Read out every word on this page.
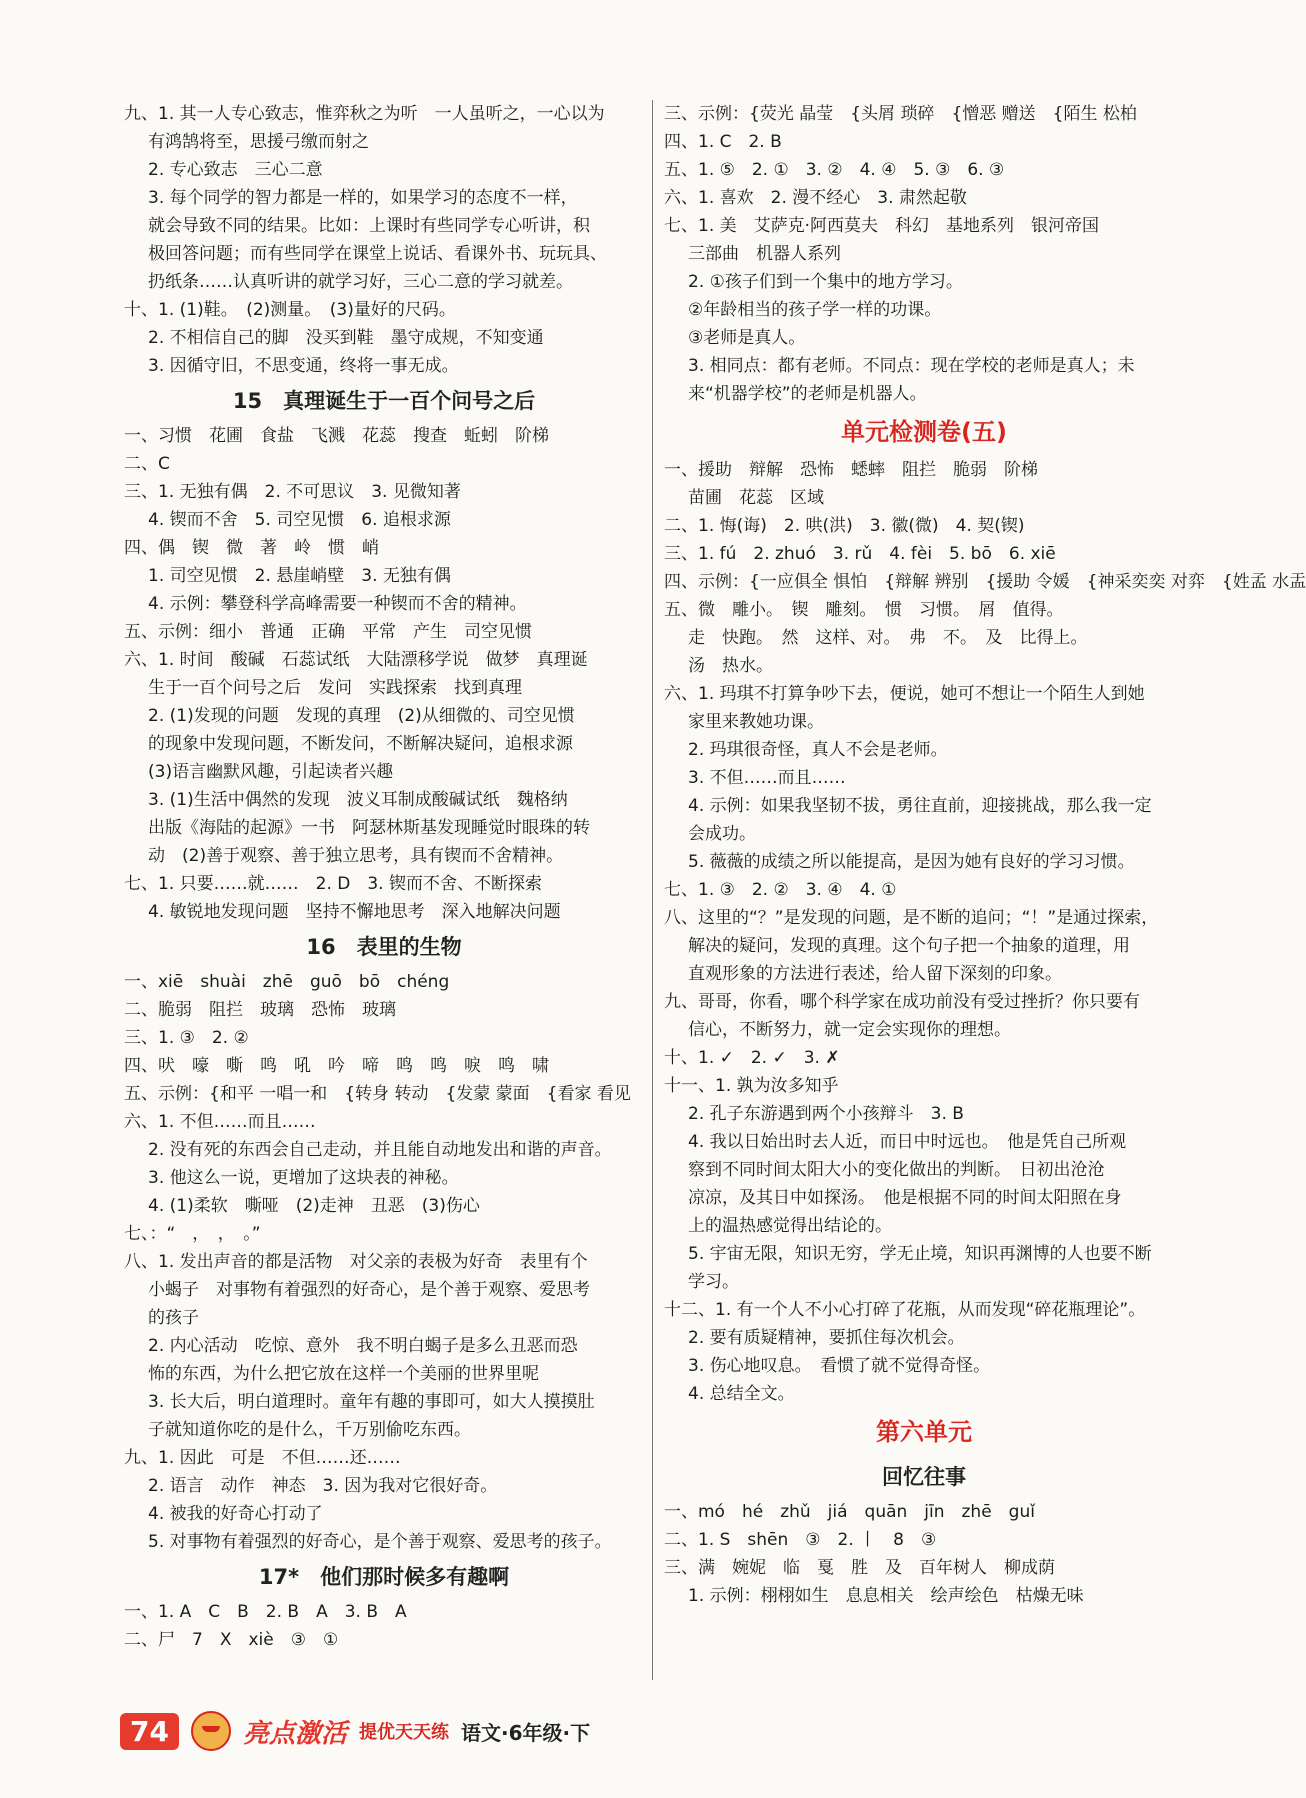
九、1. 其一人专心致志，惟弈秋之为听　一人虽听之，一心以为
有鸿鹄将至，思援弓缴而射之
2. 专心致志　三心二意
3. 每个同学的智力都是一样的，如果学习的态度不一样，
就会导致不同的结果。比如：上课时有些同学专心听讲，积
极回答问题；而有些同学在课堂上说话、看课外书、玩玩具、
扔纸条……认真听讲的就学习好，三心二意的学习就差。
十、1. (1)鞋。　(2)测量。　(3)量好的尺码。
2. 不相信自己的脚　没买到鞋　墨守成规，不知变通
3. 因循守旧，不思变通，终将一事无成。
15　真理诞生于一百个问号之后
一、习惯　花圃　食盐　飞溅　花蕊　搜查　蚯蚓　阶梯
二、C
三、1. 无独有偶　2. 不可思议　3. 见微知著
4. 锲而不舍　5. 司空见惯　6. 追根求源
四、偶　锲　微　著　岭　惯　峭
1. 司空见惯　2. 悬崖峭壁　3. 无独有偶
4. 示例：攀登科学高峰需要一种锲而不舍的精神。
五、示例：细小　普通　正确　平常　产生　司空见惯
六、1. 时间　酸碱　石蕊试纸　大陆漂移学说　做梦　真理诞
生于一百个问号之后　发问　实践探索　找到真理
2. (1)发现的问题　发现的真理　(2)从细微的、司空见惯
的现象中发现问题，不断发问，不断解决疑问，追根求源
(3)语言幽默风趣，引起读者兴趣
3. (1)生活中偶然的发现　波义耳制成酸碱试纸　魏格纳
出版《海陆的起源》一书　阿瑟林斯基发现睡觉时眼珠的转
动　(2)善于观察、善于独立思考，具有锲而不舍精神。
七、1. 只要……就……　2. D　3. 锲而不舍、不断探索
4. 敏锐地发现问题　坚持不懈地思考　深入地解决问题
16　表里的生物
一、xiē　shuài　zhē　guō　bō　chéng
二、脆弱　阻拦　玻璃　恐怖　玻璃
三、1. ③　2. ②
四、吠　嚎　嘶　鸣　吼　吟　啼　鸣　鸣　唳　鸣　啸
五、示例：{和平 一唱一和　{转身 转动　{发蒙 蒙面　{看家 看见
六、1. 不但……而且……
2. 没有死的东西会自己走动，并且能自动地发出和谐的声音。
3. 他这么一说，更增加了这块表的神秘。
4. (1)柔软　嘶哑　(2)走神　丑恶　(3)伤心
七、：“　，　，　。”
八、1. 发出声音的都是活物　对父亲的表极为好奇　表里有个
小蝎子　对事物有着强烈的好奇心，是个善于观察、爱思考
的孩子
2. 内心活动　吃惊、意外　我不明白蝎子是多么丑恶而恐
怖的东西，为什么把它放在这样一个美丽的世界里呢
3. 长大后，明白道理时。童年有趣的事即可，如大人摸摸肚
子就知道你吃的是什么，千万别偷吃东西。
九、1. 因此　可是　不但……还……
2. 语言　动作　神态　3. 因为我对它很好奇。
4. 被我的好奇心打动了
5. 对事物有着强烈的好奇心，是个善于观察、爱思考的孩子。
17*　他们那时候多有趣啊
一、1. A　C　B　2. B　A　3. B　A
二、尸　7　X　xiè　③　①
三、示例：{荧光 晶莹　{头屑 琐碎　{憎恶 赠送　{陌生 松柏
四、1. C　2. B
五、1. ⑤　2. ①　3. ②　4. ④　5. ③　6. ③
六、1. 喜欢　2. 漫不经心　3. 肃然起敬
七、1. 美　艾萨克·阿西莫夫　科幻　基地系列　银河帝国
三部曲　机器人系列
2. ①孩子们到一个集中的地方学习。
②年龄相当的孩子学一样的功课。
③老师是真人。
3. 相同点：都有老师。不同点：现在学校的老师是真人；未
来“机器学校”的老师是机器人。
单元检测卷(五)
一、援助　辩解　恐怖　蟋蟀　阻拦　脆弱　阶梯
苗圃　花蕊　区域
二、1. 悔(诲)　2. 哄(洪)　3. 徽(微)　4. 契(锲)
三、1. fú　2. zhuó　3. rǔ　4. fèi　5. bō　6. xiē
四、示例：{一应俱全 惧怕　{辩解 辨别　{援助 令媛　{神采奕奕 对弈　{姓孟 水盂
五、微　雕小。　锲　雕刻。　惯　习惯。　屑　值得。
走　快跑。　然　这样、对。　弗　不。　及　比得上。
汤　热水。
六、1. 玛琪不打算争吵下去，便说，她可不想让一个陌生人到她
家里来教她功课。
2. 玛琪很奇怪，真人不会是老师。
3. 不但……而且……
4. 示例：如果我坚韧不拔，勇往直前，迎接挑战，那么我一定
会成功。
5. 薇薇的成绩之所以能提高，是因为她有良好的学习习惯。
七、1. ③　2. ②　3. ④　4. ①
八、这里的“？”是发现的问题，是不断的追问；“！”是通过探索，
解决的疑问，发现的真理。这个句子把一个抽象的道理，用
直观形象的方法进行表述，给人留下深刻的印象。
九、哥哥，你看，哪个科学家在成功前没有受过挫折？你只要有
信心，不断努力，就一定会实现你的理想。
十、1. ✓　2. ✓　3. ✗
十一、1. 孰为汝多知乎
2. 孔子东游遇到两个小孩辩斗　3. B
4. 我以日始出时去人近，而日中时远也。　他是凭自己所观
察到不同时间太阳大小的变化做出的判断。　日初出沧沧
凉凉，及其日中如探汤。　他是根据不同的时间太阳照在身
上的温热感觉得出结论的。
5. 宇宙无限，知识无穷，学无止境，知识再渊博的人也要不断
学习。
十二、1. 有一个人不小心打碎了花瓶，从而发现“碎花瓶理论”。
2. 要有质疑精神，要抓住每次机会。
3. 伤心地叹息。　看惯了就不觉得奇怪。
4. 总结全文。
第六单元
回忆往事
一、mó　hé　zhǔ　jiá　quān　jīn　zhē　guǐ
二、1. S　shēn　③　2. 丨　8　③
三、满　婉妮　临　戛　胜　及　百年树人　柳成荫
1. 示例：栩栩如生　息息相关　绘声绘色　枯燥无味
74	亮点激活 提优天天练 语文·6年级·下
